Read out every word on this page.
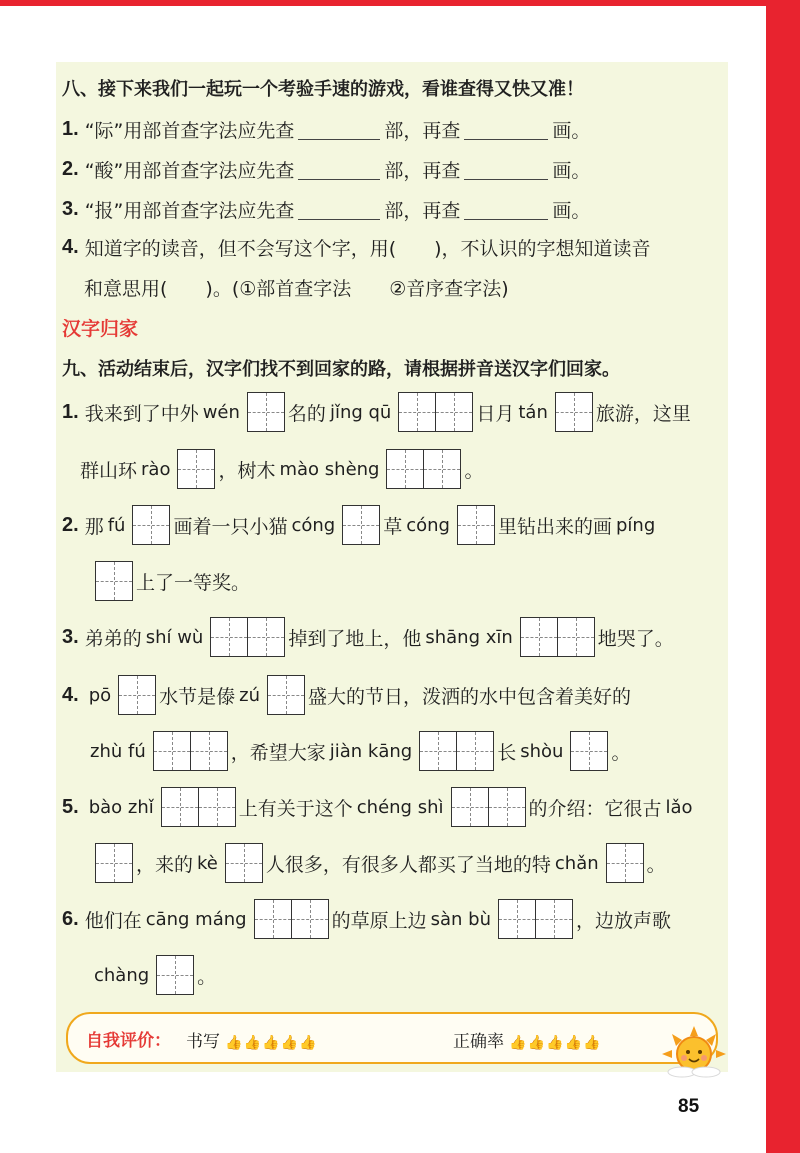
八、接下来我们一起玩一个考验手速的游戏，看谁查得又快又准！
1. “际”用部首查字法应先查	部，再查	画。
2. “酸”用部首查字法应先查	部，再查	画。
3. “报”用部首查字法应先查	部，再查	画。
4. 知道字的读音，但不会写这个字，用(　　)，不认识的字想知道读音
和意思用(　　)。(①部首查字法　　②音序查字法)
汉字归家
九、活动结束后，汉字们找不到回家的路，请根据拼音送汉字们回家。
1. 我来到了中外 wén	名的 jǐng qū	日月 tán	旅游，这里
群山环 rào	，树木 mào shèng	。
2. 那 fú	画着一只小猫 cóng	草 cóng	里钻出来的画 píng
上了一等奖。
3. 弟弟的 shí wù	掉到了地上，他 shāng xīn	地哭了。
4. pō	水节是傣 zú	盛大的节日，泼洒的水中包含着美好的
zhù fú	，希望大家 jiàn kāng	长 shòu	。
5. bào zhǐ	上有关于这个 chéng shì	的介绍：它很古 lǎo
，来的 kè	人很多，有很多人都买了当地的特 chǎn	。
6. 他们在 cāng máng	的草原上边 sàn bù	，边放声歌
chàng	。
自我评价： 书写 👍👍👍👍👍	正确率 👍👍👍👍👍
85
